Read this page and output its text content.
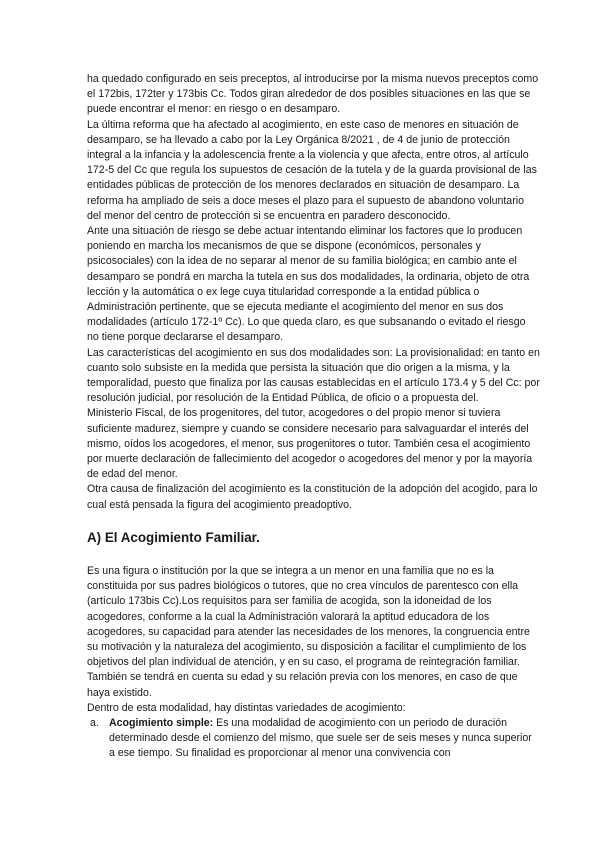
ha quedado configurado en seis preceptos, al introducirse por la misma nuevos preceptos como el 172bis, 172ter y 173bis Cc. Todos giran alrededor de dos posibles situaciones en las que se puede encontrar el menor: en riesgo o en desamparo.

La última reforma que ha afectado al acogimiento, en este caso de menores en situación de desamparo, se ha llevado a cabo por la Ley Orgánica 8/2021 , de 4 de junio de protección integral a la infancia y la adolescencia frente a la violencia y que afecta, entre otros, al artículo 172-5 del Cc que regula los supuestos de cesación de la tutela y de la guarda provisional de las entidades públicas de protección de los menores declarados en situación de desamparo. La reforma ha ampliado de seis a doce meses el plazo para el supuesto de abandono voluntario del menor del centro de protección si se encuentra en paradero desconocido.

Ante una situación de riesgo se debe actuar intentando eliminar los factores que lo producen poniendo en marcha los mecanismos de que se dispone (económicos, personales y psicosociales) con la idea de no separar al menor de su familia biológica; en cambio ante el desamparo se pondrá en marcha la tutela en sus dos modalidades, la ordinaria, objeto de otra lección y la automática o ex lege cuya titularidad corresponde a la entidad pública o Administración pertinente, que se ejecuta mediante el acogimiento del menor en sus dos modalidades (artículo 172-1º Cc). Lo que queda claro, es que subsanando o evitado el riesgo no tiene porque declararse el desamparo.

Las características del acogimiento en sus dos modalidades son: La provisionalidad: en tanto en cuanto solo subsiste en la medida que persista la situación que dio origen a la misma, y la temporalidad, puesto que finaliza por las causas establecidas en el artículo 173.4 y 5 del Cc: por resolución judicial, por resolución de la Entidad Pública, de oficio o a propuesta del.

Ministerio Fiscal, de los progenitores, del tutor, acogedores o del propio menor si tuviera suficiente madurez, siempre y cuando se considere necesario para salvaguardar el interés del mismo, oídos los acogedores, el menor, sus progenitores o tutor. También cesa el acogimiento por muerte declaración de fallecimiento del acogedor o acogedores del menor y por la mayoría de edad del menor.

Otra causa de finalización del acogimiento es la constitución de la adopción del acogido, para lo cual está pensada la figura del acogimiento preadoptivo.

A) El Acogimiento Familiar.

Es una figura o institución por la que se integra a un menor en una familia que no es la constituida por sus padres biológicos o tutores, que no crea vínculos de parentesco con ella (artículo 173bis Cc).Los requisitos para ser familia de acogida, son la idoneidad de los acogedores, conforme a la cual la Administración valorará la aptitud educadora de los acogedores, su capacidad para atender las necesidades de los menores, la congruencia entre su motivación y la naturaleza del acogimiento, su disposición a facilitar el cumplimiento de los objetivos del plan individual de atención, y en su caso, el programa de reintegración familiar. También se tendrá en cuenta su edad y su relación previa con los menores, en caso de que haya existido.

Dentro de esta modalidad, hay distintas variedades de acogimiento:

a. Acogimiento simple: Es una modalidad de acogimiento con un periodo de duración determinado desde el comienzo del mismo, que suele ser de seis meses y nunca superior a ese tiempo. Su finalidad es proporcionar al menor una convivencia con
